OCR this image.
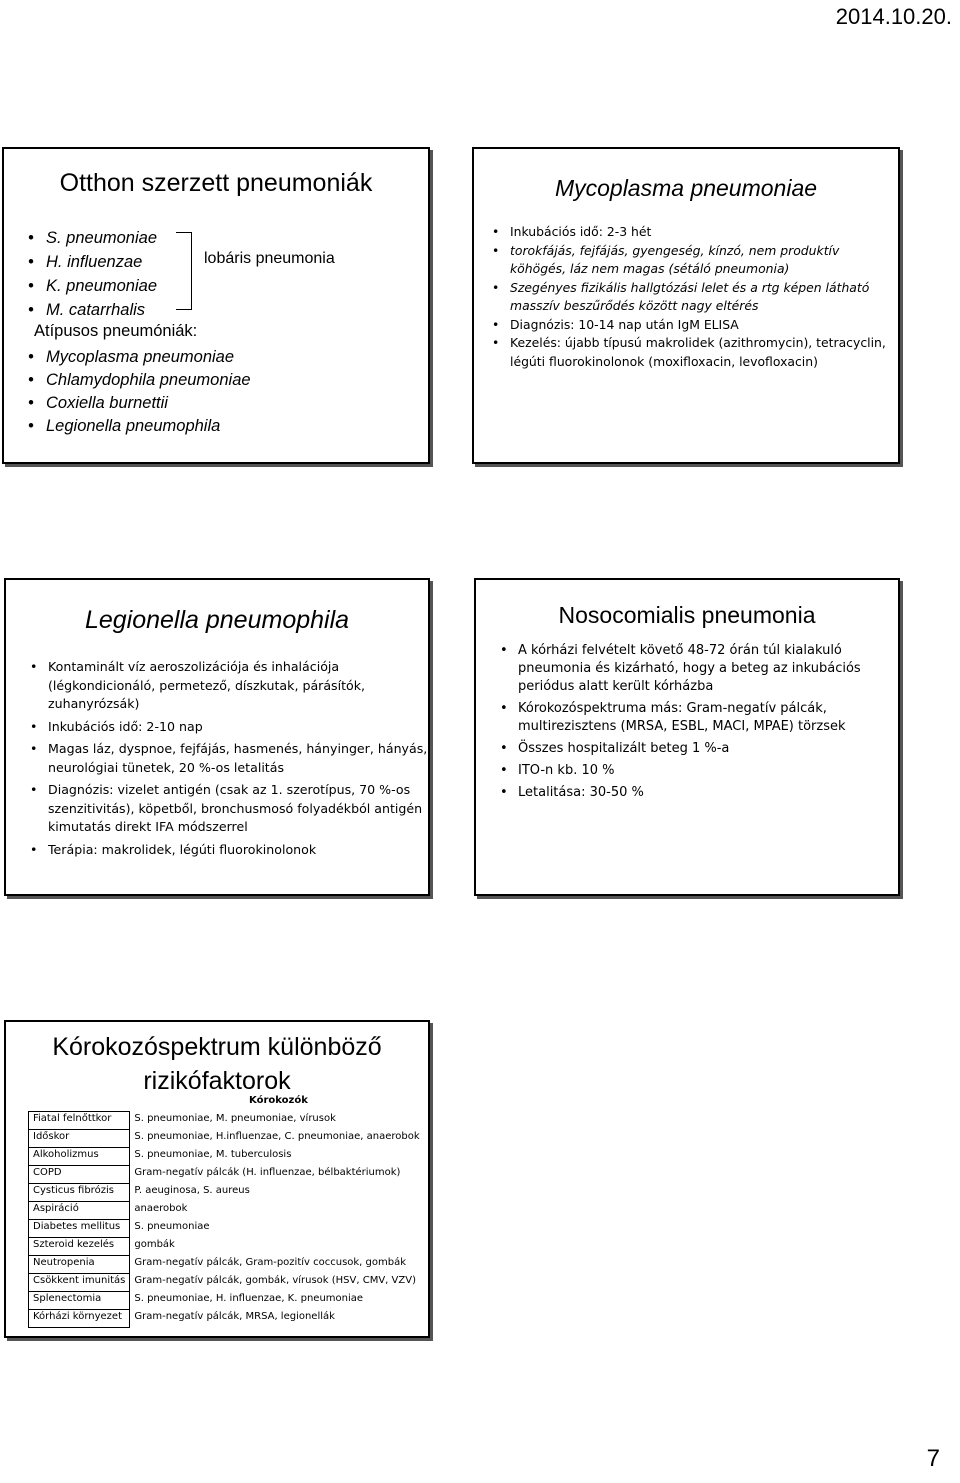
2014.10.20.
Otthon szerzett pneumoniák
• S. pneumoniae
• H. influenzae
• K. pneumoniae
• M. catarrhalis
lobáris pneumonia
Atípusos pneumóniák:
• Mycoplasma pneumoniae
• Chlamydophila pneumoniae
• Coxiella burnettii
• Legionella pneumophila
Mycoplasma pneumoniae
• Inkubációs idő: 2-3 hét
• torokfájás, fejfájás, gyengeség, kínzó, nem produktív köhögés, láz nem magas (sétáló pneumonia)
• Szegényes fizikális hallgtózási lelet és a rtg képen látható masszív beszűrődés között nagy eltérés
• Diagnózis: 10-14 nap után IgM ELISA
• Kezelés: újabb típusú makrolidek (azithromycin), tetracyclin, légúti fluorokinolonok (moxifloxacin, levofloxacin)
Legionella pneumophila
• Kontaminált víz aeroszolizációja és inhalációja (légkondicionáló, permetező, díszkutak, párásítók, zuhanyrózsák)
• Inkubációs idő: 2-10 nap
• Magas láz, dyspnoe, fejfájás, hasmenés, hányinger, hányás, neurológiai tünetek, 20 %-os letalitás
• Diagnózis: vizelet antigén (csak az 1. szerotípus, 70 %-os szenzitivitás), köpetből, bronchusmosó folyadékból antigén kimutatás direkt IFA módszerrel
• Terápia: makrolidek, légúti fluorokinolonok
Nosocomialis pneumonia
• A kórházi felvételt követő 48-72 órán túl kialakuló pneumonia és kizárható, hogy a beteg az inkubációs periódus alatt került kórházba
• Kórokozóspektruma más: Gram-negatív pálcák, multirezisztens (MRSA, ESBL, MACI, MPAE) törzsek
• Összes hospitalizált beteg 1 %-a
• ITO-n kb. 10 %
• Letalitása: 30-50 %
Kórokozóspektrum különböző rizikófaktorok
	Kórokozók
Fiatal felnőttkor	S. pneumoniae, M. pneumoniae, vírusok
Időskor	S. pneumoniae, H.influenzae, C. pneumoniae, anaerobok
Alkoholizmus	S. pneumoniae, M. tuberculosis
COPD	Gram-negatív pálcák (H. influenzae, bélbaktériumok)
Cysticus fibrózis	P. aeuginosa, S. aureus
Aspiráció	anaerobok
Diabetes mellitus	S. pneumoniae
Szteroid kezelés	gombák
Neutropenia	Gram-negatív pálcák, Gram-pozitív coccusok, gombák
Csökkent imunitás	Gram-negatív pálcák, gombák, vírusok (HSV, CMV, VZV)
Splenectomia	S. pneumoniae, H. influenzae, K. pneumoniae
Kórházi környezet	Gram-negatív pálcák, MRSA, legionellák
7
